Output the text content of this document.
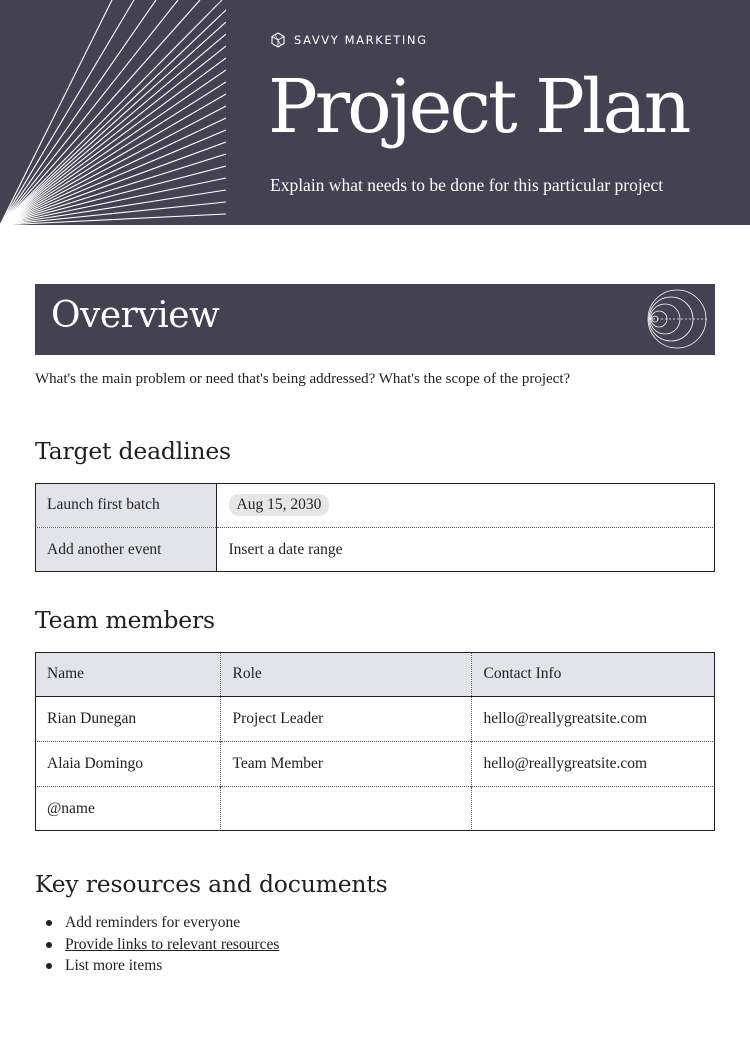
SAVVY MARKETING
Project Plan

Explain what needs to be done for this particular project

Overview

What's the main problem or need that's being addressed? What's the scope of the project?

Target deadlines
Launch first batch	Aug 15, 2030
Add another event	Insert a date range
Team members
Name	Role	Contact Info
Rian Dunegan	Project Leader	hello@reallygreatsite.com
Alaia Domingo	Team Member	hello@reallygreatsite.com
@name		
Key resources and documents
Add reminders for everyone
Provide links to relevant resources
List more items
